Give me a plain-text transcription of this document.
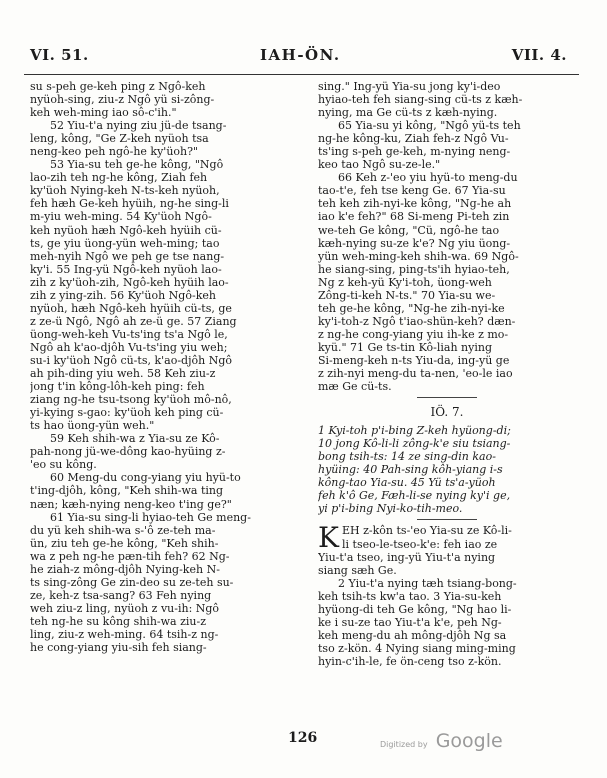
VI. 51.	IAH-ÖN.	VII. 4.
su s-peh ge-keh ping z Ngô-keh
nyüoh-sing, ziu-z Ngô yü si-zông-
keh weh-ming iao sô-c'ih."
52 Yiu-t'a nying ziu jü-de tsang-
leng, kông, "Ge Z-keh nyüoh tsa
neng-keo peh ngô-he ky'üoh?"
53 Yia-su teh ge-he kông, "Ngô
lao-zih teh ng-he kông, Ziah feh
ky'üoh Nying-keh N-ts-keh nyüoh,
feh hæh Ge-keh hyüih, ng-he sing-li
m-yiu weh-ming. 54 Ky'üoh Ngô-
keh nyüoh hæh Ngô-keh hyüih cü-
ts, ge yiu üong-yün weh-ming; tao
meh-nyih Ngô we peh ge tse nang-
ky'i. 55 Ing-yü Ngô-keh nyüoh lao-
zih z ky'üoh-zih, Ngô-keh hyüih lao-
zih z ying-zih. 56 Ky'üoh Ngô-keh
nyüoh, hæh Ngô-keh hyüih cü-ts, ge
z ze-ü Ngô, Ngô ah ze-ü ge. 57 Ziang
üong-weh-keh Vu-ts'ing ts'a Ngô le,
Ngô ah k'ao-djôh Vu-ts'ing yiu weh;
su-i ky'üoh Ngô cü-ts, k'ao-djôh Ngô
ah pih-ding yiu weh. 58 Keh ziu-z
jong t'in kông-lôh-keh ping: feh
ziang ng-he tsu-tsong ky'üoh mô-nô,
yi-kying s-gao: ky'üoh keh ping cü-
ts hao üong-yün weh."
59 Keh shih-wa z Yia-su ze Kô-
pah-nong jü-we-dông kao-hyüing z-
'eo su kông.
60 Meng-du cong-yiang yiu hyü-to
t'ing-djôh, kông, "Keh shih-wa ting
næn; kæh-nying neng-keo t'ing ge?"
61 Yia-su sing-li hyiao-teh Ge meng-
du yü keh shih-wa s-'ô ze-teh ma-
ün, ziu teh ge-he kông, "Keh shih-
wa z peh ng-he pæn-tih feh? 62 Ng-
he ziah-z mông-djôh Nying-keh N-
ts sing-zông Ge zin-deo su ze-teh su-
ze, keh-z tsa-sang? 63 Feh nying
weh ziu-z ling, nyüoh z vu-ih: Ngô
teh ng-he su kông shih-wa ziu-z
ling, ziu-z weh-ming. 64 tsih-z ng-
he cong-yiang yiu-sih feh siang-
sing." Ing-yü Yia-su jong ky'i-deo
hyiao-teh feh siang-sing cü-ts z kæh-
nying, ma Ge cü-ts z kæh-nying.
65 Yia-su yi kông, "Ngô yü-ts teh
ng-he kông-ku, Ziah feh-z Ngô Vu-
ts'ing s-peh ge-keh, m-nying neng-
keo tao Ngô su-ze-le."
66 Keh z-'eo yiu hyü-to meng-du
tao-t'e, feh tse keng Ge. 67 Yia-su
teh keh zih-nyi-ke kông, "Ng-he ah
iao k'e feh?" 68 Si-meng Pi-teh zin
we-teh Ge kông, "Cü, ngô-he tao
kæh-nying su-ze k'e? Ng yiu üong-
yün weh-ming-keh shih-wa. 69 Ngô-
he siang-sing, ping-ts'ih hyiao-teh,
Ng z keh-yü Ky'i-toh, üong-weh
Zông-ti-keh N-ts." 70 Yia-su we-
teh ge-he kông, "Ng-he zih-nyi-ke
ky'i-toh-z Ngô t'iao-shün-keh? dæn-
z ng-he cong-yiang yiu ih-ke z mo-
kyü." 71 Ge ts-tin Kô-liah nying
Si-meng-keh n-ts Yiu-da, ing-yü ge
z zih-nyi meng-du ta-nen, 'eo-le iao
mæ Ge cü-ts.
IÖ. 7.
1 Kyi-toh p'i-bing Z-keh hyüong-di;
10 jong Kô-li-li zông-k'e siu tsiang-
bong tsih-ts: 14 ze sing-din kao-
hyüing: 40 Pah-sing kôh-yiang i-s
kông-tao Yia-su. 45 Yü ts'a-yüoh
feh k'ô Ge, Fæh-li-se nying ky'i ge,
yi p'i-bing Nyi-ko-tih-meo.
K EH z-kôn ts-'eo Yia-su ze Kô-li-
li tseo-le-tseo-k'e: feh iao ze
Yiu-t'a tseo, ing-yü Yiu-t'a nying
siang sæh Ge.
2 Yiu-t'a nying tæh tsiang-bong-
keh tsih-ts kw'a tao. 3 Yia-su-keh
hyüong-di teh Ge kông, "Ng hao li-
ke i su-ze tao Yiu-t'a k'e, peh Ng-
keh meng-du ah mông-djôh Ng sa
tso z-kön. 4 Nying siang ming-ming
hyin-c'ih-le, fe ön-ceng tso z-kön.
126	Digitized by Google
